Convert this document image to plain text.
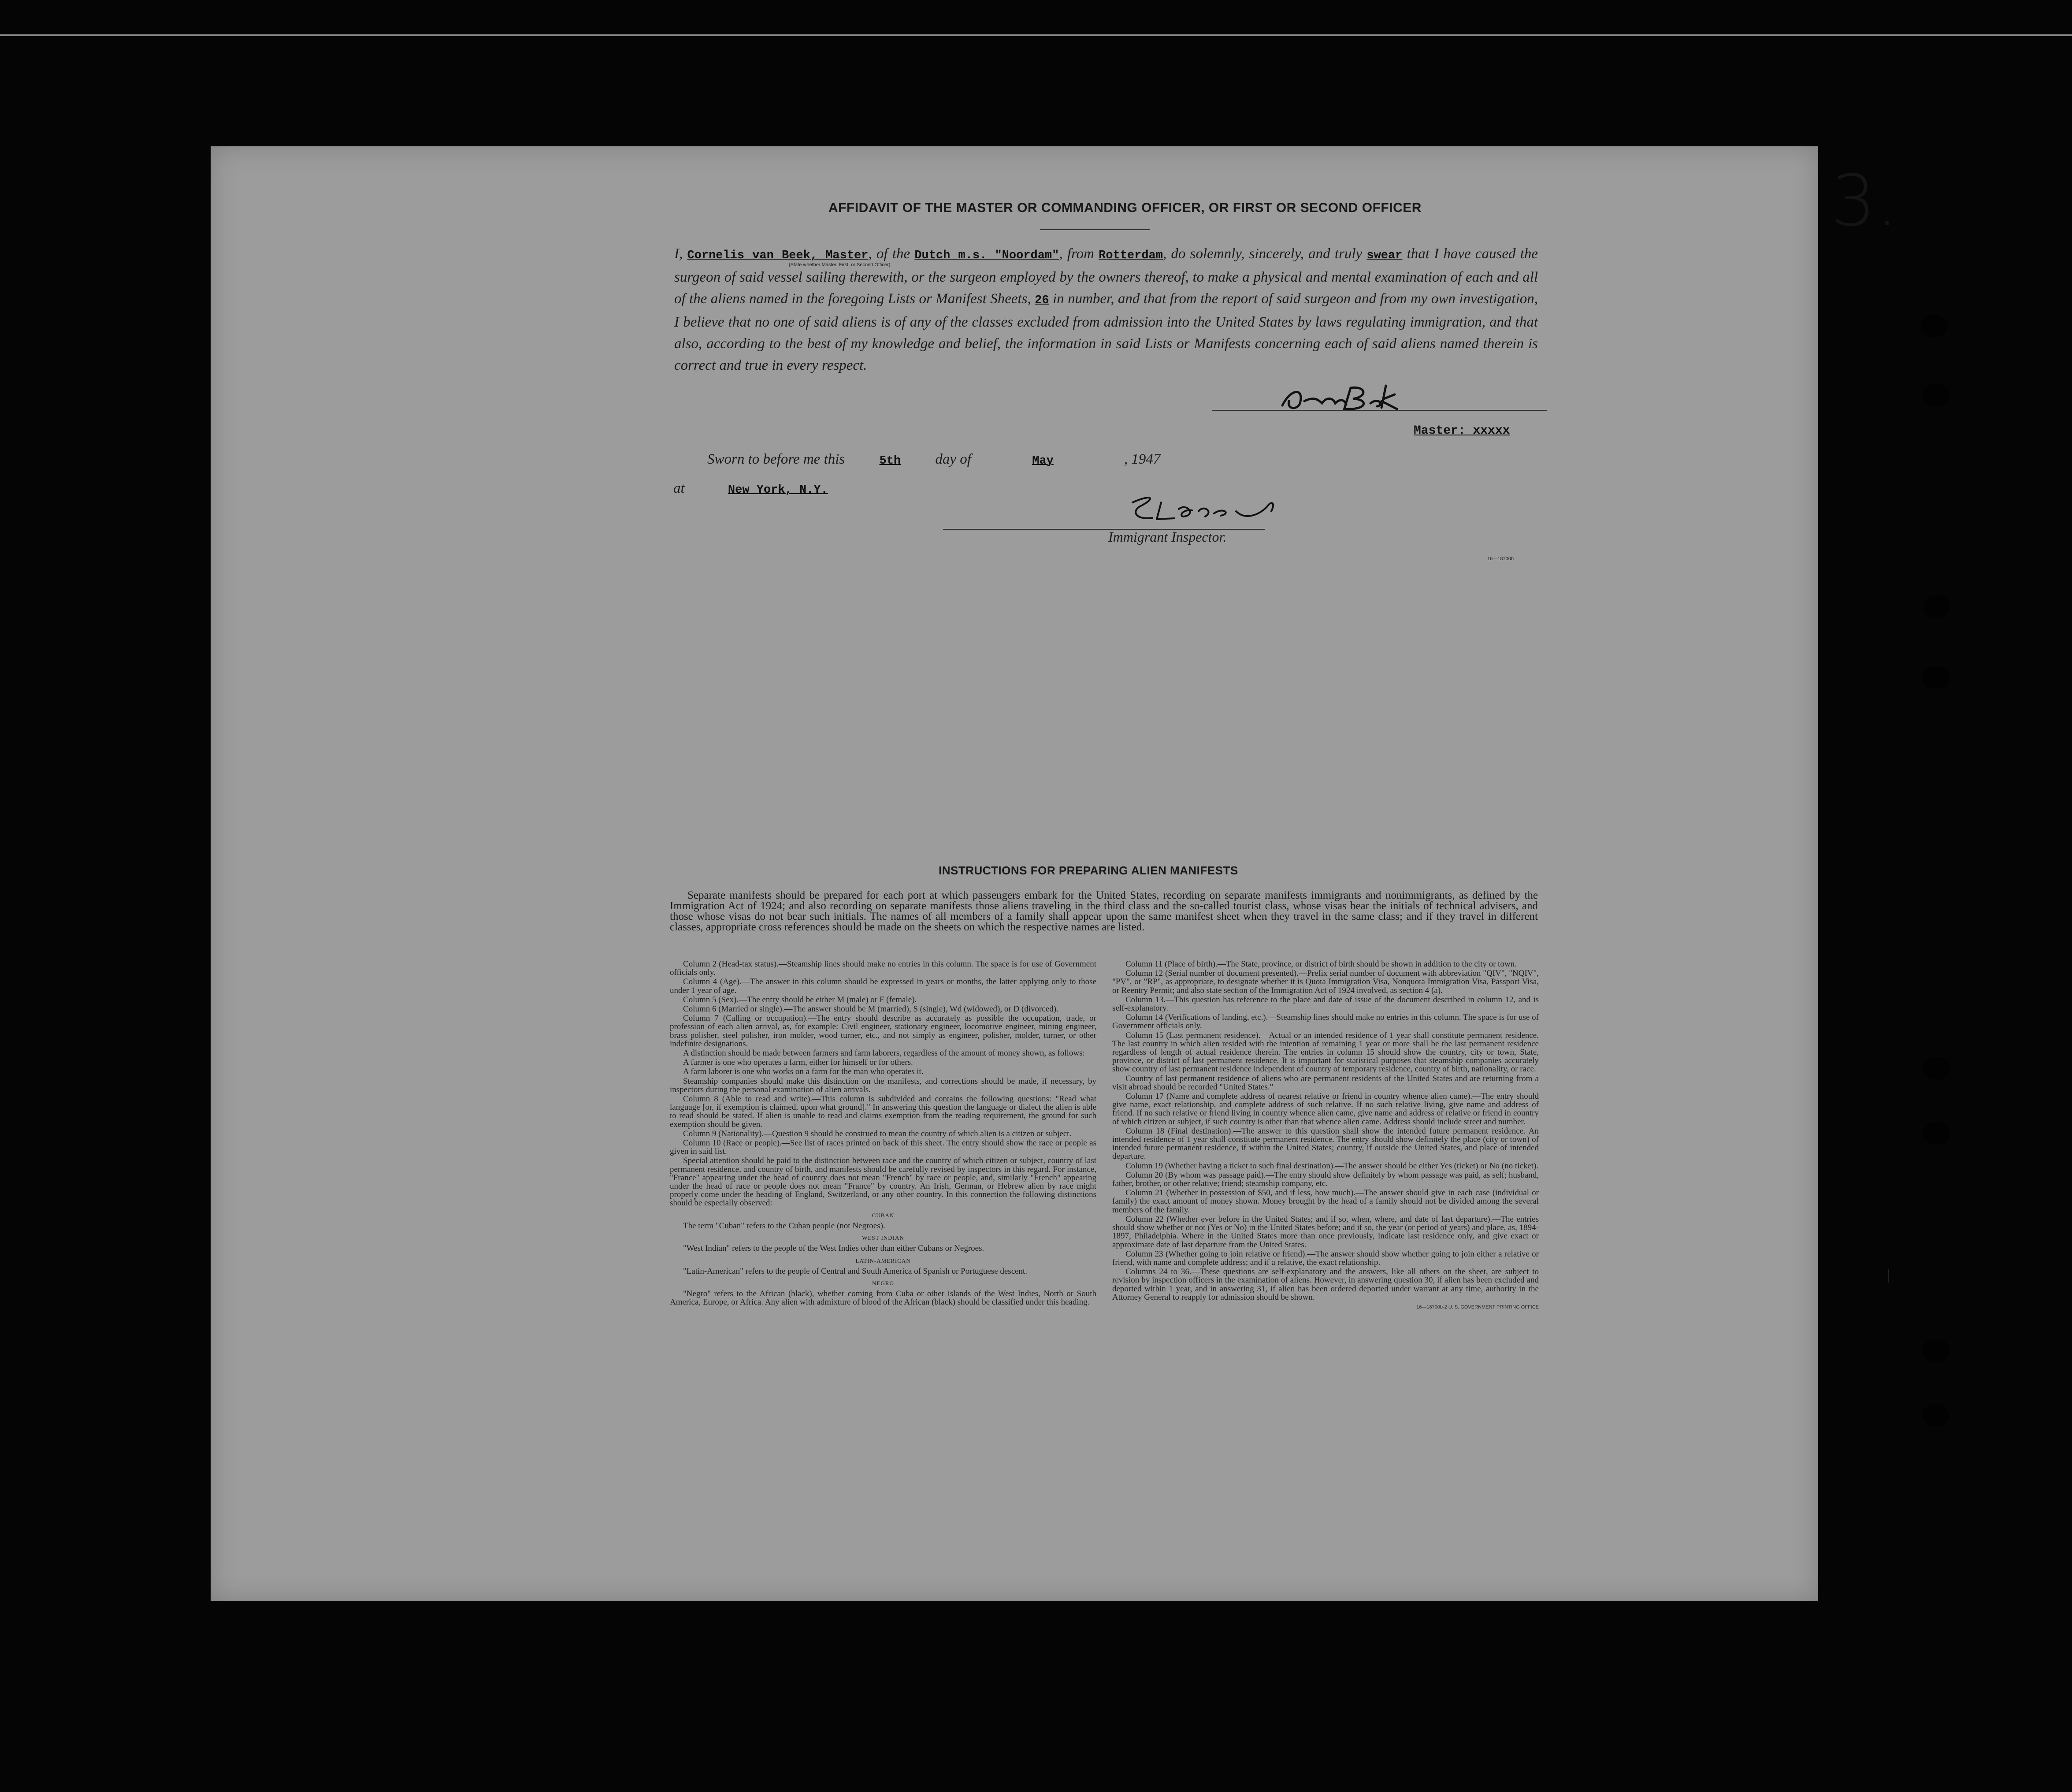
3.
AFFIDAVIT OF THE MASTER OR COMMANDING OFFICER, OR FIRST OR SECOND OFFICER
I, Cornelis van Beek, Master, of the Dutch m.s. "Noordam", from Rotterdam, do solemnly, sincerely, and truly swear that I have caused the surgeon of said vessel sailing therewith, or the surgeon employed by the owners thereof, to make a physical and mental examination of each and all of the aliens named in the foregoing Lists or Manifest Sheets, 26 in number, and that from the report of said surgeon and from my own investigation, I believe that no one of said aliens is of any of the classes excluded from admission into the United States by laws regulating immigration, and that also, according to the best of my knowledge and belief, the information in said Lists or Manifests concerning each of said aliens named therein is correct and true in every respect.
(State whether Master, First, or Second Officer)
Master: xxxxx
Sworn to before me this	5th day of	May	, 1947
at	New York, N.Y.
Immigrant Inspector.
16—18700b
INSTRUCTIONS FOR PREPARING ALIEN MANIFESTS
Separate manifests should be prepared for each port at which passengers embark for the United States, recording on separate manifests immigrants and nonimmigrants, as defined by the Immigration Act of 1924; and also recording on separate manifests those aliens traveling in the third class and the so-called tourist class, whose visas bear the initials of technical advisers, and those whose visas do not bear such initials. The names of all members of a family shall appear upon the same manifest sheet when they travel in the same class; and if they travel in different classes, appropriate cross references should be made on the sheets on which the respective names are listed.

Column 2 (Head-tax status).—Steamship lines should make no entries in this column. The space is for use of Government officials only.

Column 4 (Age).—The answer in this column should be expressed in years or months, the latter applying only to those under 1 year of age.

Column 5 (Sex).—The entry should be either M (male) or F (female).

Column 6 (Married or single).—The answer should be M (married), S (single), Wd (widowed), or D (divorced).

Column 7 (Calling or occupation).—The entry should describe as accurately as possible the occupation, trade, or profession of each alien arrival, as, for example: Civil engineer, stationary engineer, locomotive engineer, mining engineer, brass polisher, steel polisher, iron molder, wood turner, etc., and not simply as engineer, polisher, molder, turner, or other indefinite designations.

A distinction should be made between farmers and farm laborers, regardless of the amount of money shown, as follows:

A farmer is one who operates a farm, either for himself or for others.

A farm laborer is one who works on a farm for the man who operates it.

Steamship companies should make this distinction on the manifests, and corrections should be made, if necessary, by inspectors during the personal examination of alien arrivals.

Column 8 (Able to read and write).—This column is subdivided and contains the following questions: "Read what language [or, if exemption is claimed, upon what ground]." In answering this question the language or dialect the alien is able to read should be stated. If alien is unable to read and claims exemption from the reading requirement, the ground for such exemption should be given.

Column 9 (Nationality).—Question 9 should be construed to mean the country of which alien is a citizen or subject.

Column 10 (Race or people).—See list of races printed on back of this sheet. The entry should show the race or people as given in said list.

Special attention should be paid to the distinction between race and the country of which citizen or subject, country of last permanent residence, and country of birth, and manifests should be carefully revised by inspectors in this regard. For instance, "France" appearing under the head of country does not mean "French" by race or people, and, similarly "French" appearing under the head of race or people does not mean "France" by country. An Irish, German, or Hebrew alien by race might properly come under the heading of England, Switzerland, or any other country. In this connection the following distinctions should be especially observed:

CUBAN

The term "Cuban" refers to the Cuban people (not Negroes).

WEST INDIAN

"West Indian" refers to the people of the West Indies other than either Cubans or Negroes.

LATIN-AMERICAN

"Latin-American" refers to the people of Central and South America of Spanish or Portuguese descent.

NEGRO

"Negro" refers to the African (black), whether coming from Cuba or other islands of the West Indies, North or South America, Europe, or Africa. Any alien with admixture of blood of the African (black) should be classified under this heading.

Column 11 (Place of birth).—The State, province, or district of birth should be shown in addition to the city or town.

Column 12 (Serial number of document presented).—Prefix serial number of document with abbreviation "QIV", "NQIV", "PV", or "RP", as appropriate, to designate whether it is Quota Immigration Visa, Nonquota Immigration Visa, Passport Visa, or Reentry Permit; and also state section of the Immigration Act of 1924 involved, as section 4 (a).

Column 13.—This question has reference to the place and date of issue of the document described in column 12, and is self-explanatory.

Column 14 (Verifications of landing, etc.).—Steamship lines should make no entries in this column. The space is for use of Government officials only.

Column 15 (Last permanent residence).—Actual or an intended residence of 1 year shall constitute permanent residence. The last country in which alien resided with the intention of remaining 1 year or more shall be the last permanent residence regardless of length of actual residence therein. The entries in column 15 should show the country, city or town, State, province, or district of last permanent residence. It is important for statistical purposes that steamship companies accurately show country of last permanent residence independent of country of temporary residence, country of birth, nationality, or race.

Country of last permanent residence of aliens who are permanent residents of the United States and are returning from a visit abroad should be recorded "United States."

Column 17 (Name and complete address of nearest relative or friend in country whence alien came).—The entry should give name, exact relationship, and complete address of such relative. If no such relative living, give name and address of friend. If no such relative or friend living in country whence alien came, give name and address of relative or friend in country of which citizen or subject, if such country is other than that whence alien came. Address should include street and number.

Column 18 (Final destination).—The answer to this question shall show the intended future permanent residence. An intended residence of 1 year shall constitute permanent residence. The entry should show definitely the place (city or town) of intended future permanent residence, if within the United States; country, if outside the United States, and place of intended departure.

Column 19 (Whether having a ticket to such final destination).—The answer should be either Yes (ticket) or No (no ticket).

Column 20 (By whom was passage paid).—The entry should show definitely by whom passage was paid, as self; husband, father, brother, or other relative; friend; steamship company, etc.

Column 21 (Whether in possession of $50, and if less, how much).—The answer should give in each case (individual or family) the exact amount of money shown. Money brought by the head of a family should not be divided among the several members of the family.

Column 22 (Whether ever before in the United States; and if so, when, where, and date of last departure).—The entries should show whether or not (Yes or No) in the United States before; and if so, the year (or period of years) and place, as, 1894-1897, Philadelphia. Where in the United States more than once previously, indicate last residence only, and give exact or approximate date of last departure from the United States.

Column 23 (Whether going to join relative or friend).—The answer should show whether going to join either a relative or friend, with name and complete address; and if a relative, the exact relationship.

Columns 24 to 36.—These questions are self-explanatory and the answers, like all others on the sheet, are subject to revision by inspection officers in the examination of aliens. However, in answering question 30, if alien has been excluded and deported within 1 year, and in answering 31, if alien has been ordered deported under warrant at any time, authority in the Attorney General to reapply for admission should be shown.

16—18700b-2 U. S. GOVERNMENT PRINTING OFFICE
